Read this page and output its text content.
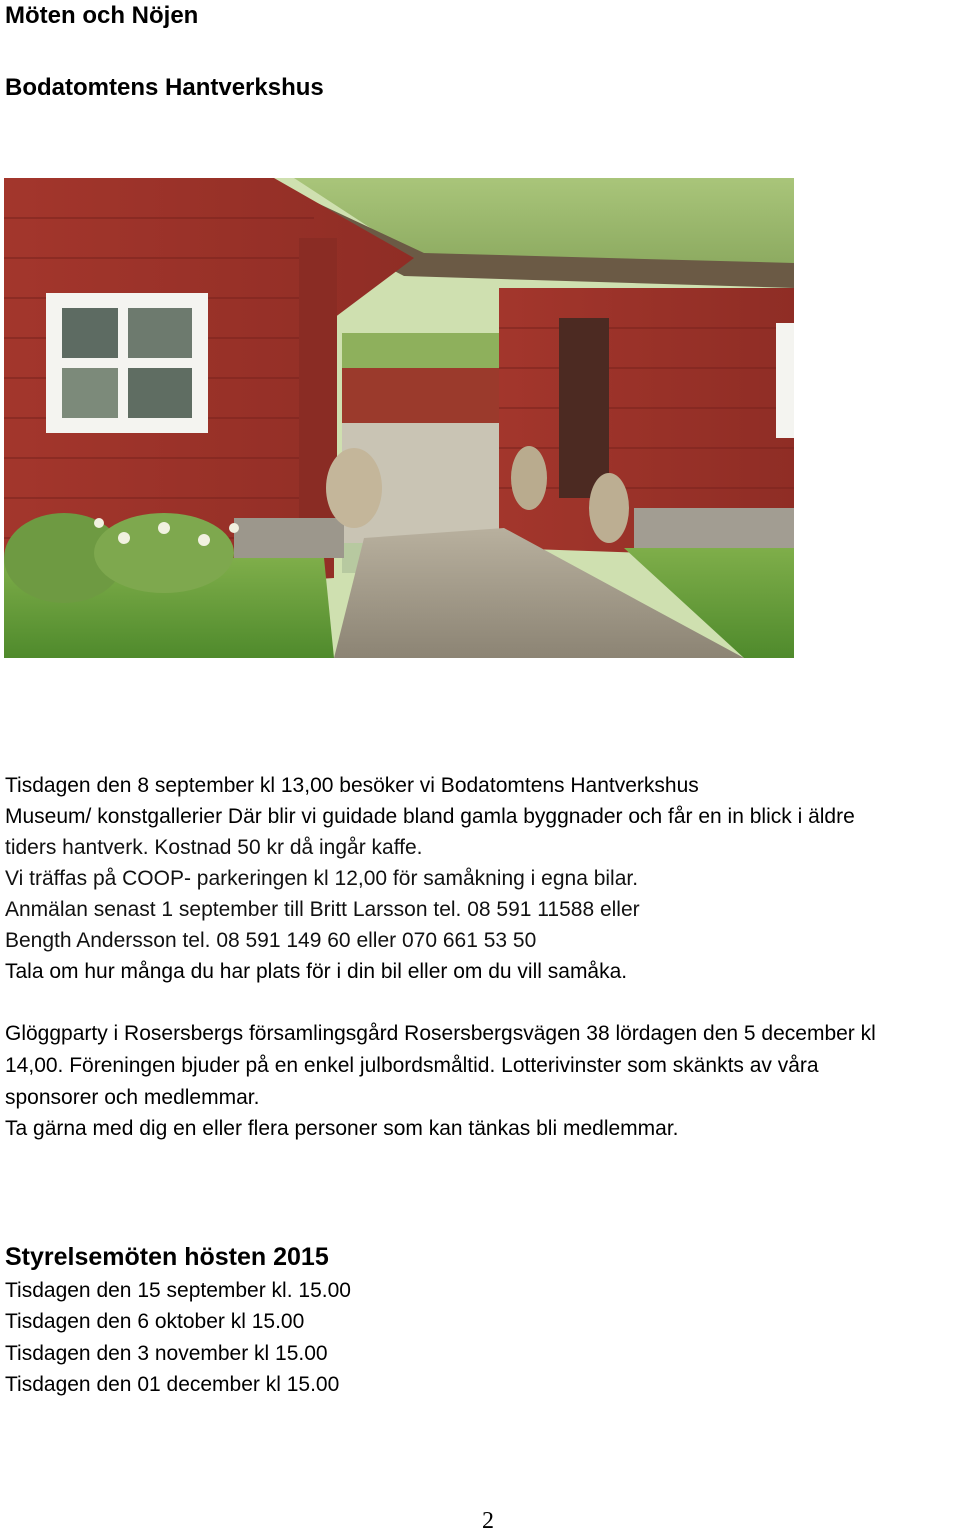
Möten och Nöjen
Bodatomtens Hantverkshus

Tisdagen den 8 september kl 13,00 besöker vi Bodatomtens Hantverkshus

Museum/ konstgallerier Där blir vi guidade bland gamla byggnader och får en in blick i äldre

tiders hantverk. Kostnad 50 kr då ingår kaffe.

Vi träffas på COOP- parkeringen kl 12,00 för samåkning i egna bilar.

Anmälan senast 1 september till Britt Larsson tel. 08 591 11588 eller

Bength Andersson tel. 08 591 149 60 eller 070 661 53 50

Tala om hur många du har plats för i din bil eller om du vill samåka.

Glöggparty i Rosersbergs församlingsgård Rosersbergsvägen 38 lördagen den 5 december kl

14,00. Föreningen bjuder på en enkel julbordsmåltid. Lotterivinster som skänkts av våra

sponsorer och medlemmar.

Ta gärna med dig en eller flera personer som kan tänkas bli medlemmar.

Styrelsemöten hösten 2015

Tisdagen den 15 september kl. 15.00

Tisdagen den 6 oktober kl 15.00

Tisdagen den 3 november kl 15.00

Tisdagen den 01 december kl 15.00

2
